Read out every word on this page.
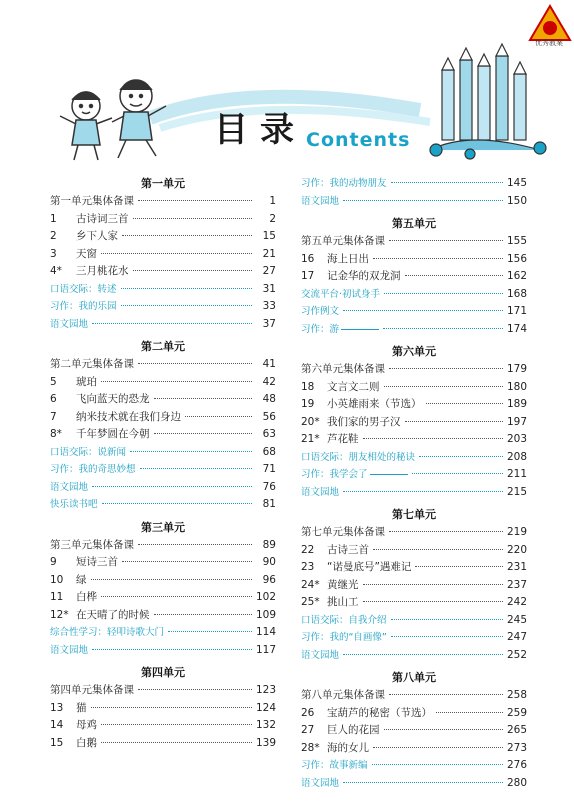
优秀教案
目录 Contents
第一单元
第一单元集体备课	1
1	古诗词三首	2
2	乡下人家	15
3	天窗	21
4*	三月桃花水	27
口语交际：转述	31
习作：我的乐园	33
语文园地	37
第二单元
第二单元集体备课	41
5	琥珀	42
6	飞向蓝天的恐龙	48
7	纳米技术就在我们身边	56
8*	千年梦圆在今朝	63
口语交际：说新闻	68
习作：我的奇思妙想	71
语文园地	76
快乐读书吧	81
第三单元
第三单元集体备课	89
9	短诗三首	90
10	绿	96
11	白桦	102
12* 在天晴了的时候	109
综合性学习：轻叩诗歌大门	114
语文园地	117
第四单元
第四单元集体备课	123
13	猫	124
14	母鸡	132
15	白鹅	139
习作：我的动物朋友	145
语文园地	150
第五单元
第五单元集体备课	155
16	海上日出	156
17	记金华的双龙洞	162
交流平台·初试身手	168
习作例文	171
习作：游	174
第六单元
第六单元集体备课	179
18	文言文二则	180
19	小英雄雨来（节选）	189
20* 我们家的男子汉	197
21* 芦花鞋	203
口语交际：朋友相处的秘诀	208
习作：我学会了	211
语文园地	215
第七单元
第七单元集体备课	219
22	古诗三首	220
23	“诺曼底号”遇难记	231
24* 黄继光	237
25* 挑山工	242
口语交际：自我介绍	245
习作：我的“自画像”	247
语文园地	252
第八单元
第八单元集体备课	258
26	宝葫芦的秘密（节选）	259
27	巨人的花园	265
28* 海的女儿	273
习作：故事新编	276
语文园地	280
